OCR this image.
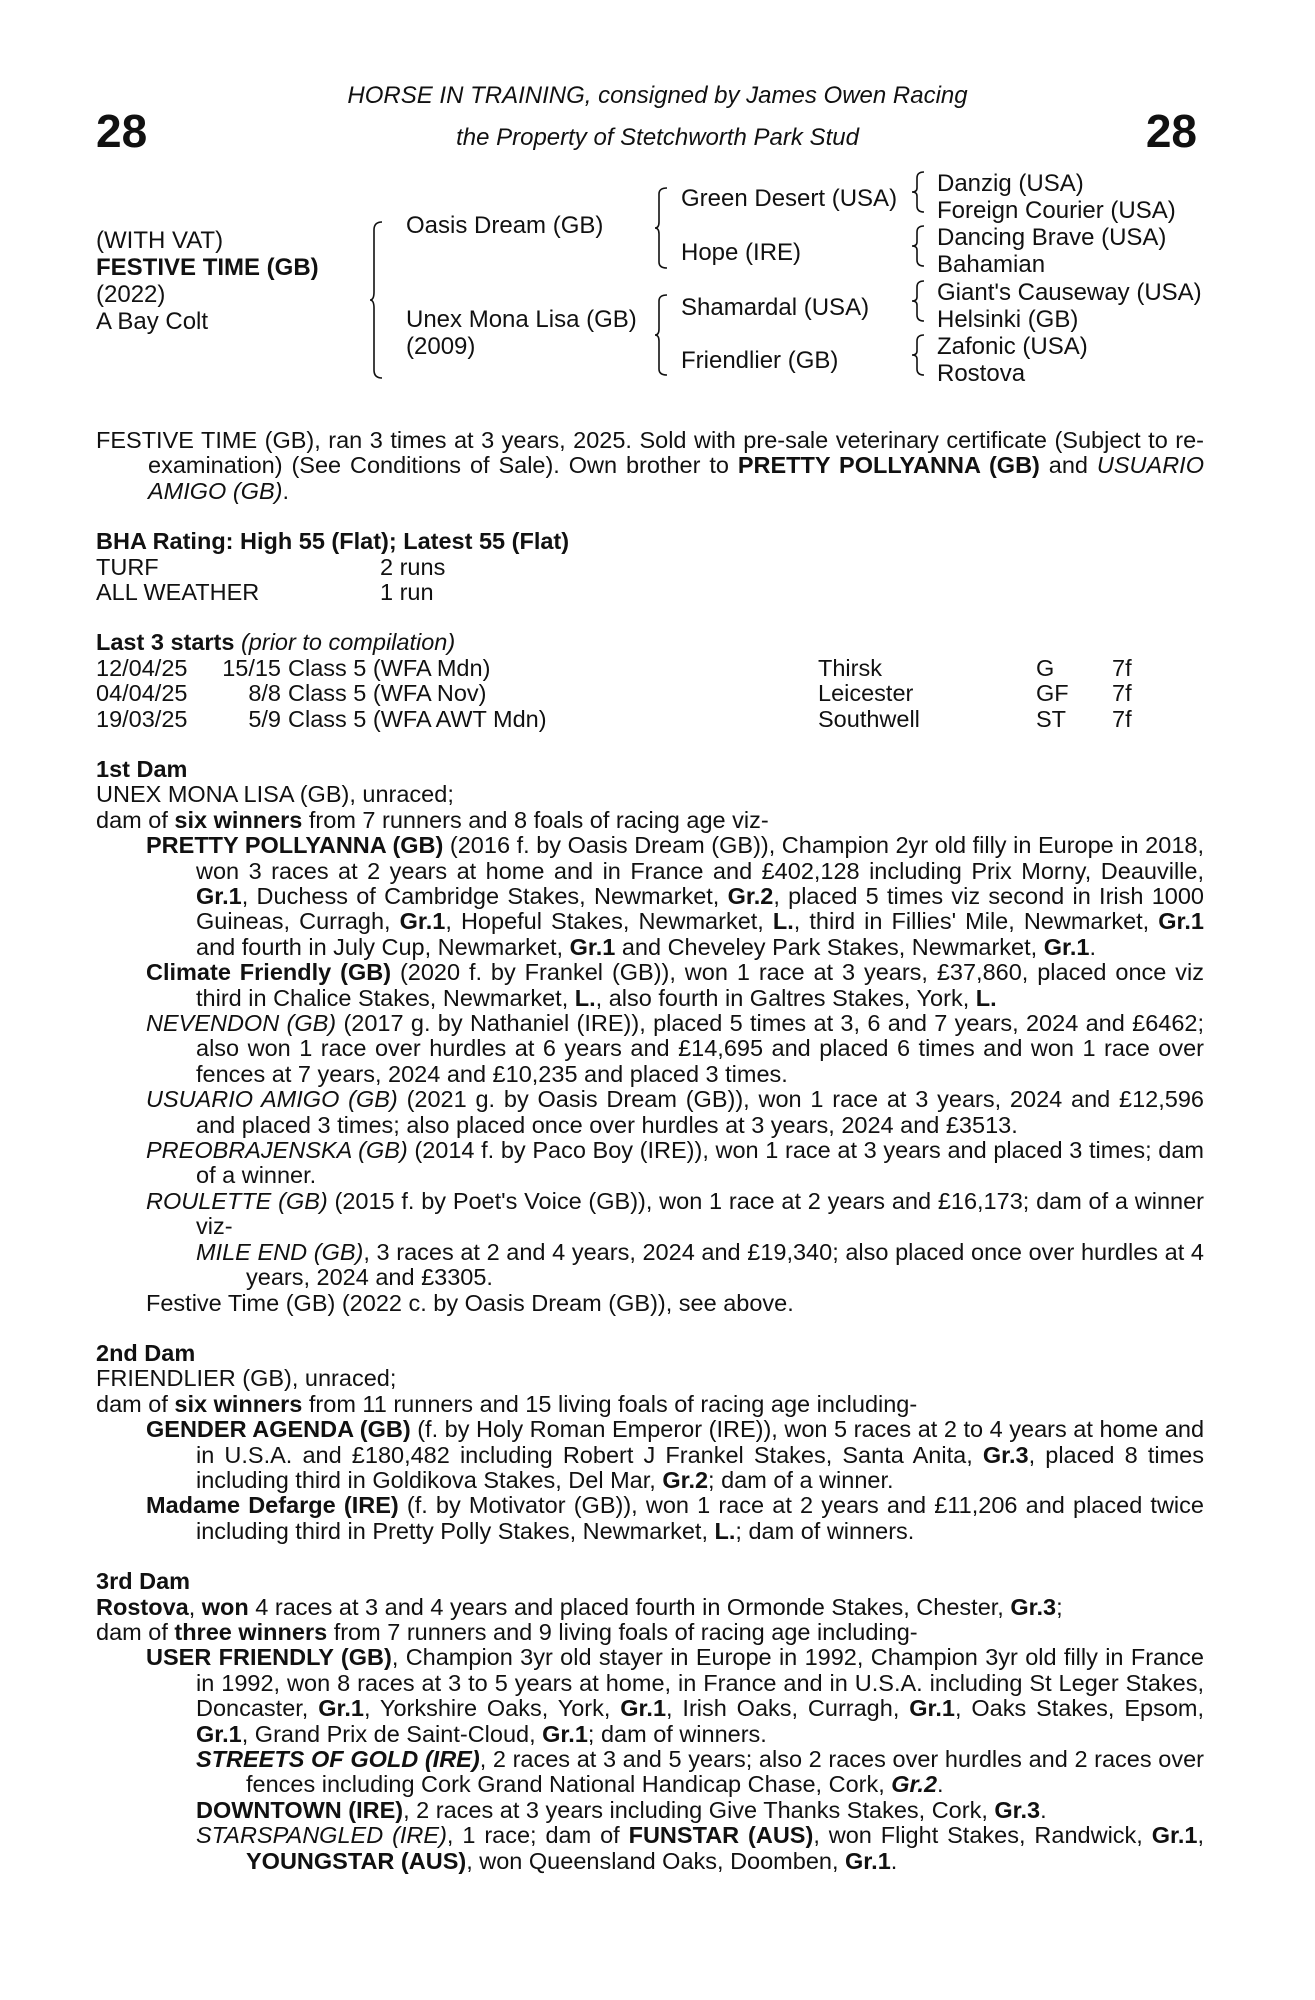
28	28
HORSE IN TRAINING, consigned by James Owen Racing
the Property of Stetchworth Park Stud
(WITH VAT)
FESTIVE TIME (GB)
(2022)
A Bay Colt
Oasis Dream (GB)
Unex Mona Lisa (GB)
(2009)
Green Desert (USA)
Hope (IRE)
Shamardal (USA)
Friendlier (GB)
Danzig (USA)
Foreign Courier (USA)
Dancing Brave (USA)
Bahamian
Giant's Causeway (USA)
Helsinki (GB)
Zafonic (USA)
Rostova
FESTIVE TIME (GB), ran 3 times at 3 years, 2025. Sold with pre-sale veterinary certificate (Subject to re-examination) (See Conditions of Sale). Own brother to PRETTY POLLYANNA (GB) and USUARIO AMIGO (GB).
BHA Rating: High 55 (Flat); Latest 55 (Flat)
TURF	2 runs
ALL WEATHER	1 run
Last 3 starts (prior to compilation)
12/04/25	15/15 Class 5 (WFA Mdn)	Thirsk	G 7f
04/04/25	8/8 Class 5 (WFA Nov)	Leicester	GF 7f
19/03/25	5/9 Class 5 (WFA AWT Mdn)	Southwell	ST 7f
1st Dam
UNEX MONA LISA (GB), unraced;
dam of six winners from 7 runners and 8 foals of racing age viz-
PRETTY POLLYANNA (GB) (2016 f. by Oasis Dream (GB)), Champion 2yr old filly in Europe in 2018, won 3 races at 2 years at home and in France and £402,128 including Prix Morny, Deauville, Gr.1, Duchess of Cambridge Stakes, Newmarket, Gr.2, placed 5 times viz second in Irish 1000 Guineas, Curragh, Gr.1, Hopeful Stakes, Newmarket, L., third in Fillies' Mile, Newmarket, Gr.1 and fourth in July Cup, Newmarket, Gr.1 and Cheveley Park Stakes, Newmarket, Gr.1.
Climate Friendly (GB) (2020 f. by Frankel (GB)), won 1 race at 3 years, £37,860, placed once viz third in Chalice Stakes, Newmarket, L., also fourth in Galtres Stakes, York, L.
NEVENDON (GB) (2017 g. by Nathaniel (IRE)), placed 5 times at 3, 6 and 7 years, 2024 and £6462; also won 1 race over hurdles at 6 years and £14,695 and placed 6 times and won 1 race over fences at 7 years, 2024 and £10,235 and placed 3 times.
USUARIO AMIGO (GB) (2021 g. by Oasis Dream (GB)), won 1 race at 3 years, 2024 and £12,596 and placed 3 times; also placed once over hurdles at 3 years, 2024 and £3513.
PREOBRAJENSKA (GB) (2014 f. by Paco Boy (IRE)), won 1 race at 3 years and placed 3 times; dam of a winner.
ROULETTE (GB) (2015 f. by Poet's Voice (GB)), won 1 race at 2 years and £16,173; dam of a winner viz-
MILE END (GB), 3 races at 2 and 4 years, 2024 and £19,340; also placed once over hurdles at 4 years, 2024 and £3305.
Festive Time (GB) (2022 c. by Oasis Dream (GB)), see above.
2nd Dam
FRIENDLIER (GB), unraced;
dam of six winners from 11 runners and 15 living foals of racing age including-
GENDER AGENDA (GB) (f. by Holy Roman Emperor (IRE)), won 5 races at 2 to 4 years at home and in U.S.A. and £180,482 including Robert J Frankel Stakes, Santa Anita, Gr.3, placed 8 times including third in Goldikova Stakes, Del Mar, Gr.2; dam of a winner.
Madame Defarge (IRE) (f. by Motivator (GB)), won 1 race at 2 years and £11,206 and placed twice including third in Pretty Polly Stakes, Newmarket, L.; dam of winners.
3rd Dam
Rostova, won 4 races at 3 and 4 years and placed fourth in Ormonde Stakes, Chester, Gr.3;
dam of three winners from 7 runners and 9 living foals of racing age including-
USER FRIENDLY (GB), Champion 3yr old stayer in Europe in 1992, Champion 3yr old filly in France in 1992, won 8 races at 3 to 5 years at home, in France and in U.S.A. including St Leger Stakes, Doncaster, Gr.1, Yorkshire Oaks, York, Gr.1, Irish Oaks, Curragh, Gr.1, Oaks Stakes, Epsom, Gr.1, Grand Prix de Saint-Cloud, Gr.1; dam of winners.
STREETS OF GOLD (IRE), 2 races at 3 and 5 years; also 2 races over hurdles and 2 races over fences including Cork Grand National Handicap Chase, Cork, Gr.2.
DOWNTOWN (IRE), 2 races at 3 years including Give Thanks Stakes, Cork, Gr.3.
STARSPANGLED (IRE), 1 race; dam of FUNSTAR (AUS), won Flight Stakes, Randwick, Gr.1, YOUNGSTAR (AUS), won Queensland Oaks, Doomben, Gr.1.
